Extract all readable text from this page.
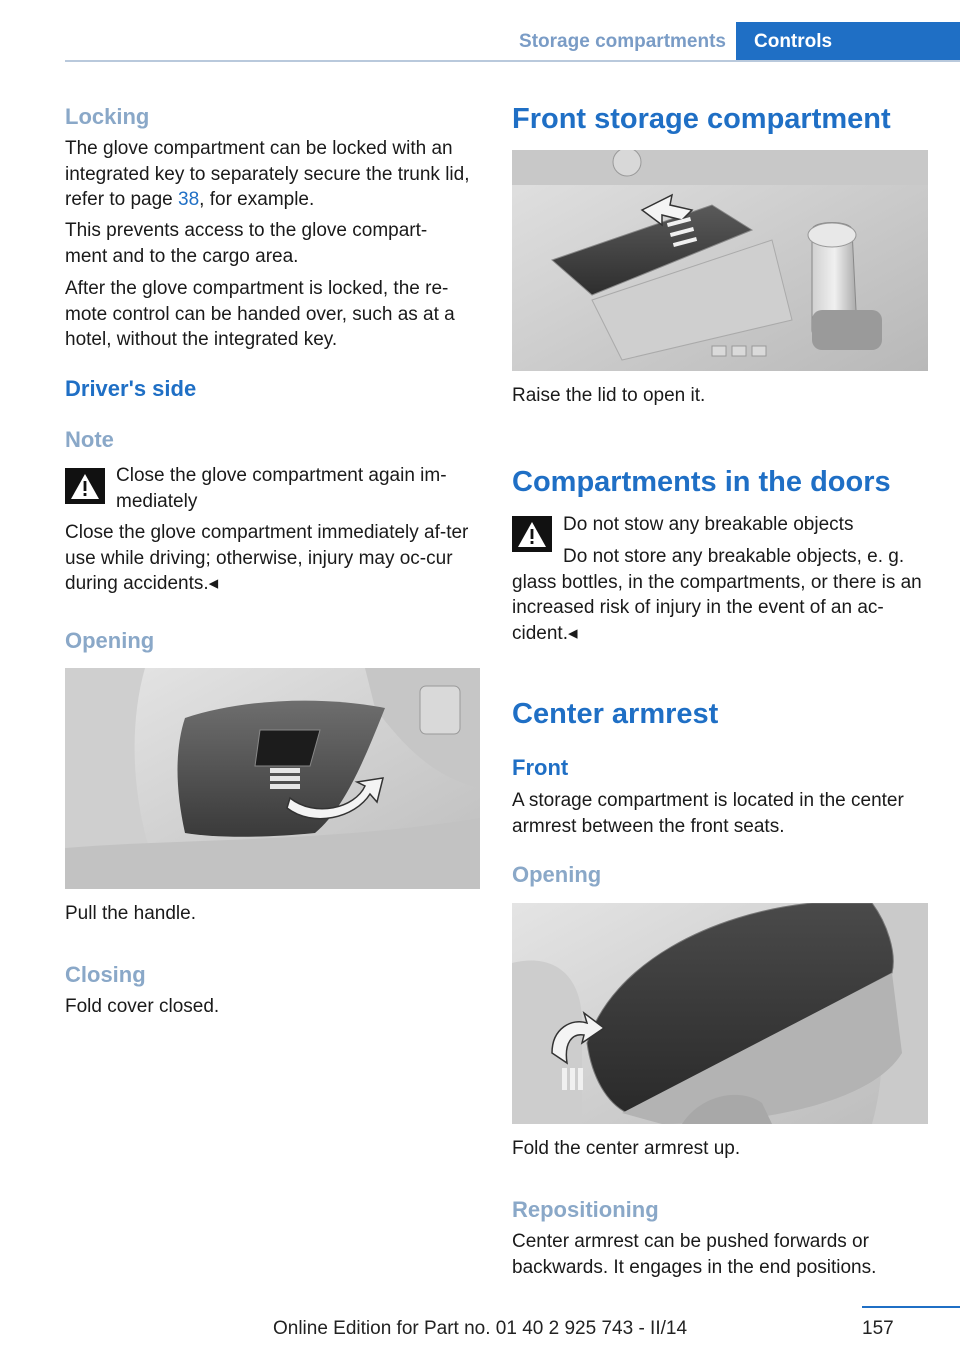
Storage compartments	Controls
Locking
The glove compartment can be locked with an integrated key to separately secure the trunk lid, refer to page 38, for example.
This prevents access to the glove compart-ment and to the cargo area.
After the glove compartment is locked, the re-mote control can be handed over, such as at a hotel, without the integrated key.
Driver's side
Note
Close the glove compartment again im-mediately
Close the glove compartment immediately af-ter use while driving; otherwise, injury may oc-cur during accidents.◂
Opening
Pull the handle.
Closing
Fold cover closed.
Front storage compartment
Raise the lid to open it.
Compartments in the doors
Do not stow any breakable objects
Do not store any breakable objects, e. g. glass bottles, in the compartments, or there is an increased risk of injury in the event of an ac-cident.◂
Center armrest
Front
A storage compartment is located in the center armrest between the front seats.
Opening
Fold the center armrest up.
Repositioning
Center armrest can be pushed forwards or backwards. It engages in the end positions.
157
Online Edition for Part no. 01 40 2 925 743 - II/14
